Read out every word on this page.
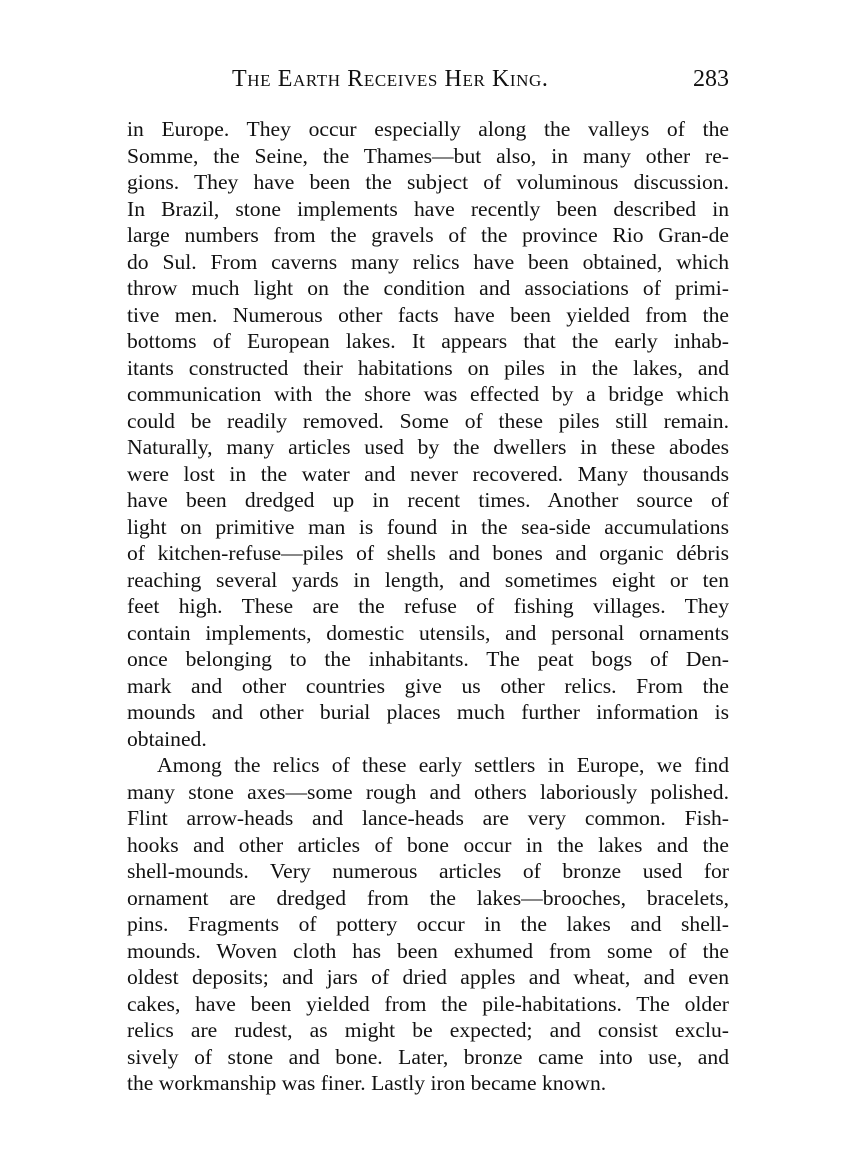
The Earth Receives Her King.	283
in Europe. They occur especially along the valleys of the
Somme, the Seine, the Thames—but also, in many other re-
gions. They have been the subject of voluminous discussion.
In Brazil, stone implements have recently been described in
large numbers from the gravels of the province Rio Gran-de
do Sul. From caverns many relics have been obtained, which
throw much light on the condition and associations of primi-
tive men. Numerous other facts have been yielded from the
bottoms of European lakes. It appears that the early inhab-
itants constructed their habitations on piles in the lakes, and
communication with the shore was effected by a bridge which
could be readily removed. Some of these piles still remain.
Naturally, many articles used by the dwellers in these abodes
were lost in the water and never recovered. Many thousands
have been dredged up in recent times. Another source of
light on primitive man is found in the sea-side accumulations
of kitchen-refuse—piles of shells and bones and organic débris
reaching several yards in length, and sometimes eight or ten
feet high. These are the refuse of fishing villages. They
contain implements, domestic utensils, and personal ornaments
once belonging to the inhabitants. The peat bogs of Den-
mark and other countries give us other relics. From the
mounds and other burial places much further information is
obtained.
Among the relics of these early settlers in Europe, we find
many stone axes—some rough and others laboriously polished.
Flint arrow-heads and lance-heads are very common. Fish-
hooks and other articles of bone occur in the lakes and the
shell-mounds. Very numerous articles of bronze used for
ornament are dredged from the lakes—brooches, bracelets,
pins. Fragments of pottery occur in the lakes and shell-
mounds. Woven cloth has been exhumed from some of the
oldest deposits; and jars of dried apples and wheat, and even
cakes, have been yielded from the pile-habitations. The older
relics are rudest, as might be expected; and consist exclu-
sively of stone and bone. Later, bronze came into use, and
the workmanship was finer. Lastly iron became known.
